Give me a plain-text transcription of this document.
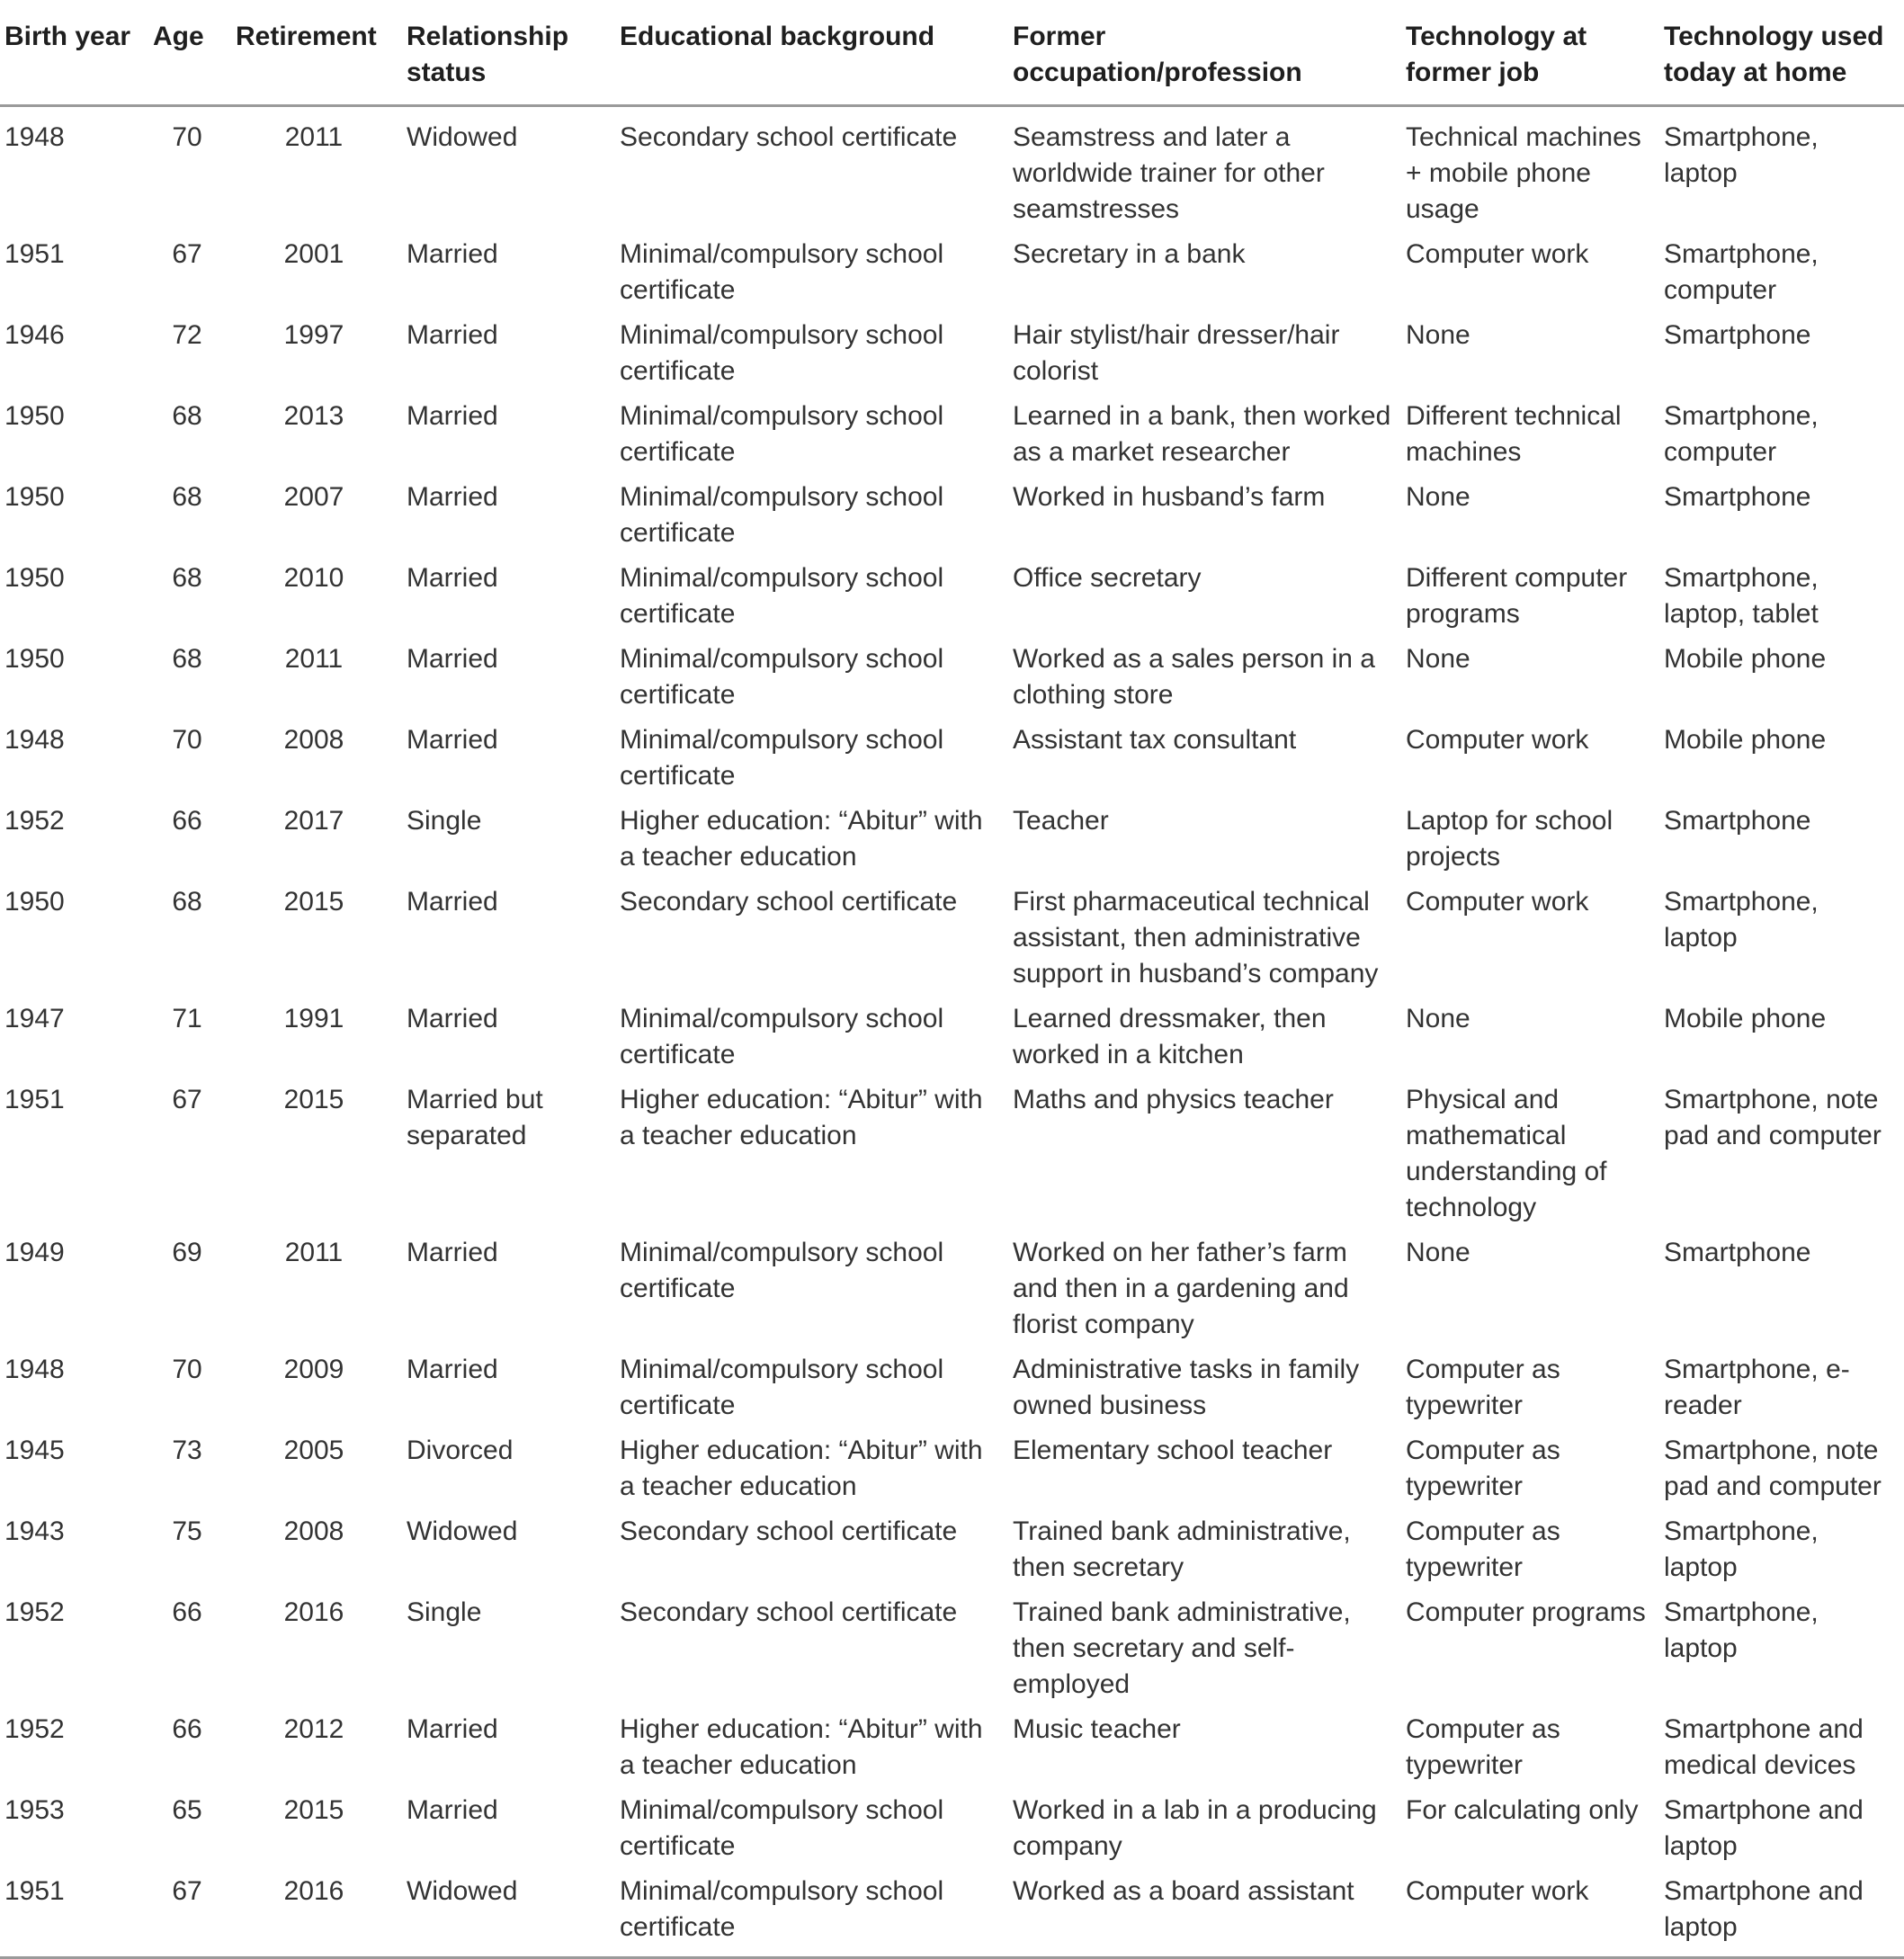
Birth year	Age	Retirement	Relationship status	Educational background	Former occupation/profession	Technology at former job	Technology used today at home
1948	70	2011	Widowed	Secondary school certificate	Seamstress and later a worldwide trainer for other seamstresses	Technical machines + mobile phone usage	Smartphone, laptop
1951	67	2001	Married	Minimal/compulsory school certificate	Secretary in a bank	Computer work	Smartphone, computer
1946	72	1997	Married	Minimal/compulsory school certificate	Hair stylist/hair dresser/hair colorist	None	Smartphone
1950	68	2013	Married	Minimal/compulsory school certificate	Learned in a bank, then worked as a market researcher	Different technical machines	Smartphone, computer
1950	68	2007	Married	Minimal/compulsory school certificate	Worked in husband’s farm	None	Smartphone
1950	68	2010	Married	Minimal/compulsory school certificate	Office secretary	Different computer programs	Smartphone, laptop, tablet
1950	68	2011	Married	Minimal/compulsory school certificate	Worked as a sales person in a clothing store	None	Mobile phone
1948	70	2008	Married	Minimal/compulsory school certificate	Assistant tax consultant	Computer work	Mobile phone
1952	66	2017	Single	Higher education: “Abitur” with a teacher education	Teacher	Laptop for school projects	Smartphone
1950	68	2015	Married	Secondary school certificate	First pharmaceutical technical assistant, then administrative support in husband’s company	Computer work	Smartphone, laptop
1947	71	1991	Married	Minimal/compulsory school certificate	Learned dressmaker, then worked in a kitchen	None	Mobile phone
1951	67	2015	Married but separated	Higher education: “Abitur” with a teacher education	Maths and physics teacher	Physical and mathematical understanding of technology	Smartphone, note pad and computer
1949	69	2011	Married	Minimal/compulsory school certificate	Worked on her father’s farm and then in a gardening and florist company	None	Smartphone
1948	70	2009	Married	Minimal/compulsory school certificate	Administrative tasks in family owned business	Computer as typewriter	Smartphone, e-reader
1945	73	2005	Divorced	Higher education: “Abitur” with a teacher education	Elementary school teacher	Computer as typewriter	Smartphone, note pad and computer
1943	75	2008	Widowed	Secondary school certificate	Trained bank administrative, then secretary	Computer as typewriter	Smartphone, laptop
1952	66	2016	Single	Secondary school certificate	Trained bank administrative, then secretary and self-employed	Computer programs	Smartphone, laptop
1952	66	2012	Married	Higher education: “Abitur” with a teacher education	Music teacher	Computer as typewriter	Smartphone and medical devices
1953	65	2015	Married	Minimal/compulsory school certificate	Worked in a lab in a producing company	For calculating only	Smartphone and laptop
1951	67	2016	Widowed	Minimal/compulsory school certificate	Worked as a board assistant	Computer work	Smartphone and laptop
